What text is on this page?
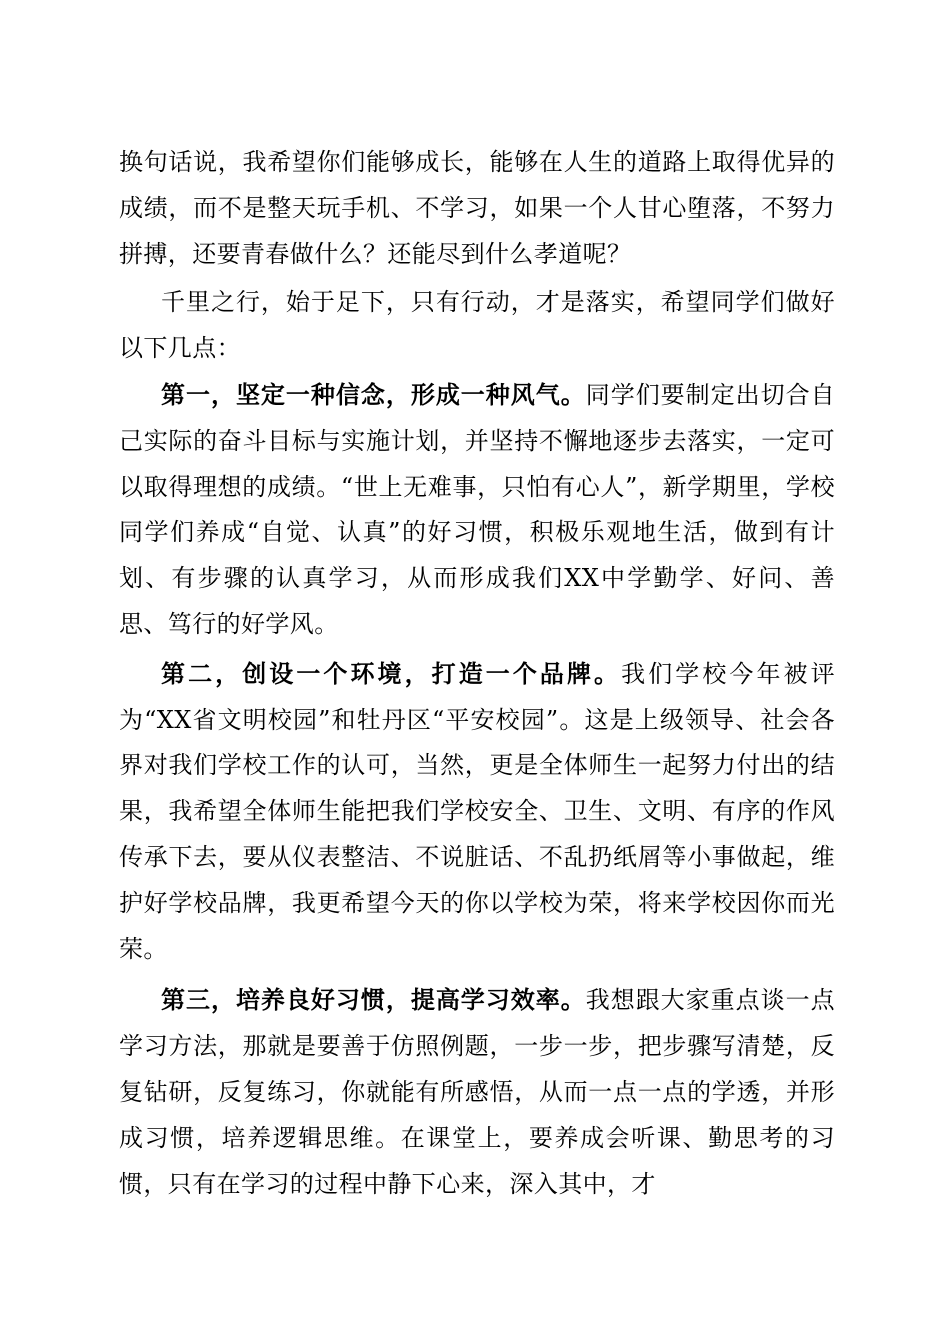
换句话说，我希望你们能够成长，能够在人生的道路上取得优异的成绩，而不是整天玩手机、不学习，如果一个人甘心堕落，不努力拼搏，还要青春做什么？还能尽到什么孝道呢？

千里之行，始于足下，只有行动，才是落实，希望同学们做好以下几点：

第一，坚定一种信念，形成一种风气。同学们要制定出切合自己实际的奋斗目标与实施计划，并坚持不懈地逐步去落实，一定可以取得理想的成绩。“世上无难事，只怕有心人”，新学期里，学校同学们养成“自觉、认真”的好习惯，积极乐观地生活，做到有计划、有步骤的认真学习，从而形成我们XX中学勤学、好问、善思、笃行的好学风。

第二，创设一个环境，打造一个品牌。我们学校今年被评为“XX省文明校园”和牡丹区“平安校园”。这是上级领导、社会各界对我们学校工作的认可，当然，更是全体师生一起努力付出的结果，我希望全体师生能把我们学校安全、卫生、文明、有序的作风传承下去，要从仪表整洁、不说脏话、不乱扔纸屑等小事做起，维护好学校品牌，我更希望今天的你以学校为荣，将来学校因你而光荣。

第三，培养良好习惯，提高学习效率。我想跟大家重点谈一点学习方法，那就是要善于仿照例题，一步一步，把步骤写清楚，反复钻研，反复练习，你就能有所感悟，从而一点一点的学透，并形成习惯，培养逻辑思维。在课堂上，要养成会听课、勤思考的习惯，只有在学习的过程中静下心来，深入其中，才
